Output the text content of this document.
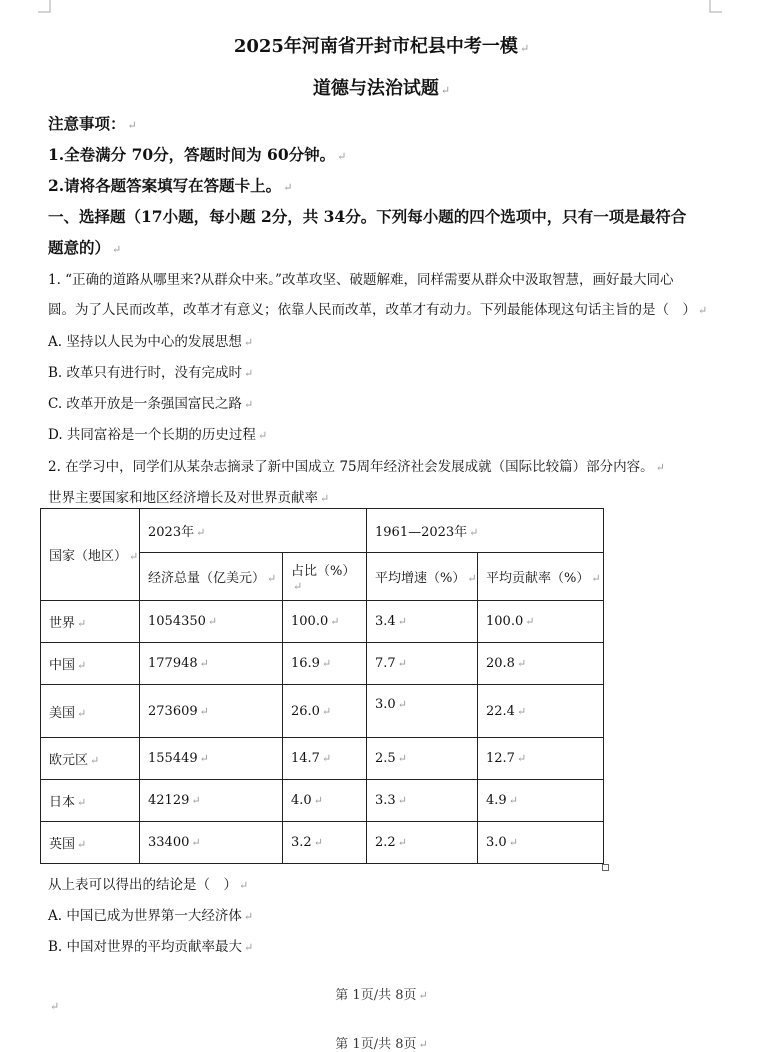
2025年河南省开封市杞县中考一模 ↵
道德与法治试题 ↵
注意事项： ↵
1.全卷满分 70分，答题时间为 60分钟。 ↵
2.请将各题答案填写在答题卡上。 ↵
一、选择题（17小题，每小题 2分，共 34分。下列每小题的四个选项中，只有一项是最符合
题意的） ↵
1. “正确的道路从哪里来?从群众中来。”改革攻坚、破题解难，同样需要从群众中汲取智慧，画好最大同心
圆。为了人民而改革，改革才有意义；依靠人民而改革，改革才有动力。下列最能体现这句话主旨的是（　） ↵
A. 坚持以人民为中心的发展思想 ↵
B. 改革只有进行时，没有完成时 ↵
C. 改革开放是一条强国富民之路 ↵
D. 共同富裕是一个长期的历史过程 ↵
2. 在学习中，同学们从某杂志摘录了新中国成立 75周年经济社会发展成就（国际比较篇）部分内容。 ↵
世界主要国家和地区经济增长及对世界贡献率 ↵
国家（地区） ↵	2023年 ↵		1961—2023年 ↵	
	经济总量（亿美元） ↵	占比（%）↵	平均增速（%） ↵	平均贡献率（%） ↵
世界 ↵	1054350 ↵	100.0 ↵	3.4 ↵	100.0 ↵
中国 ↵	177948 ↵	16.9 ↵	7.7 ↵	20.8 ↵
美国 ↵	273609 ↵	26.0 ↵	3.0 ↵	22.4 ↵
欧元区 ↵	155449 ↵	14.7 ↵	2.5 ↵	12.7 ↵
日本 ↵	42129 ↵	4.0 ↵	3.3 ↵	4.9 ↵
英国 ↵	33400 ↵	3.2 ↵	2.2 ↵	3.0 ↵
从上表可以得出的结论是（　） ↵
A. 中国已成为世界第一大经济体 ↵
B. 中国对世界的平均贡献率最大 ↵
第 1页/共 8页 ↵
↵
第 1页/共 8页 ↵
